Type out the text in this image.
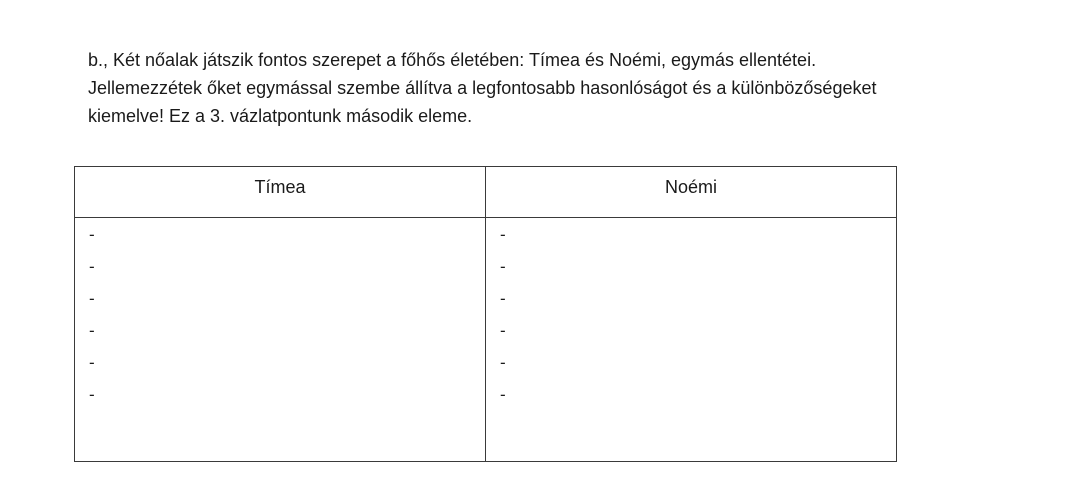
b., Két nőalak játszik fontos szerepet a főhős életében: Tímea és Noémi, egymás ellentétei.
Jellemezzétek őket egymással szembe állítva a legfontosabb hasonlóságot és a különbözőségeket
kiemelve! Ez a 3. vázlatpontunk második eleme.
Tímea	Noémi
-
-
-
-
-
-
-
-
-
-
-
-
